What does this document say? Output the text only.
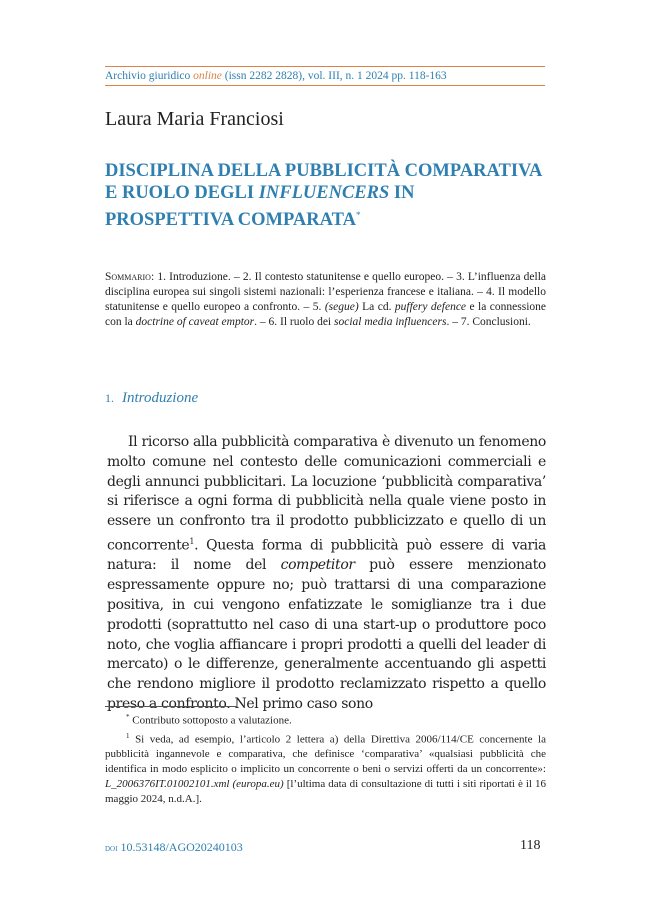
Archivio giuridico online (issn 2282 2828), vol. III, n. 1 2024 pp. 118-163
Laura Maria Franciosi
DISCIPLINA DELLA PUBBLICITÀ COMPARATIVA E RUOLO DEGLI INFLUENCERS IN PROSPETTIVA COMPARATA*
Sommario: 1. Introduzione. – 2. Il contesto statunitense e quello europeo. – 3. L’influenza della disciplina europea sui singoli sistemi nazionali: l’esperienza francese e italiana. – 4. Il modello statunitense e quello europeo a confronto. – 5. (segue) La cd. puffery defence e la connessione con la doctrine of caveat emptor. – 6. Il ruolo dei social media influencers. – 7. Conclusioni.
1. Introduzione

Il ricorso alla pubblicità comparativa è divenuto un fenomeno molto comune nel contesto delle comunicazioni commerciali e degli annunci pubblicitari. La locuzione ‘pubblicità comparativa’ si riferisce a ogni forma di pubblicità nella quale viene posto in essere un confronto tra il prodotto pubblicizzato e quello di un concorrente$^1$. Questa forma di pubblicità può essere di varia natura: il nome del competitor può essere menzionato espressamente oppure no; può trattarsi di una comparazione positiva, in cui vengono enfatizzate le somiglianze tra i due prodotti (soprattutto nel caso di una start-up o produttore poco noto, che voglia affiancare i propri prodotti a quelli del leader di mercato) o le differenze, generalmente accentuando gli aspetti che rendono migliore il prodotto reclamizzato rispetto a quello preso a confronto. Nel primo caso sono

* Contributo sottoposto a valutazione.

$^1$ Si veda, ad esempio, l’articolo 2 lettera a) della Direttiva 2006/114/CE concernente la pubblicità ingannevole e comparativa, che definisce ‘comparativa’ «qualsiasi pubblicità che identifica in modo esplicito o implicito un concorrente o beni o servizi offerti da un concorrente»: L_2006376IT.01002101.xml (europa.eu) [l’ultima data di consultazione di tutti i siti riportati è il 16 maggio 2024, n.d.A.].

doi 10.53148/AGO20240103	118
